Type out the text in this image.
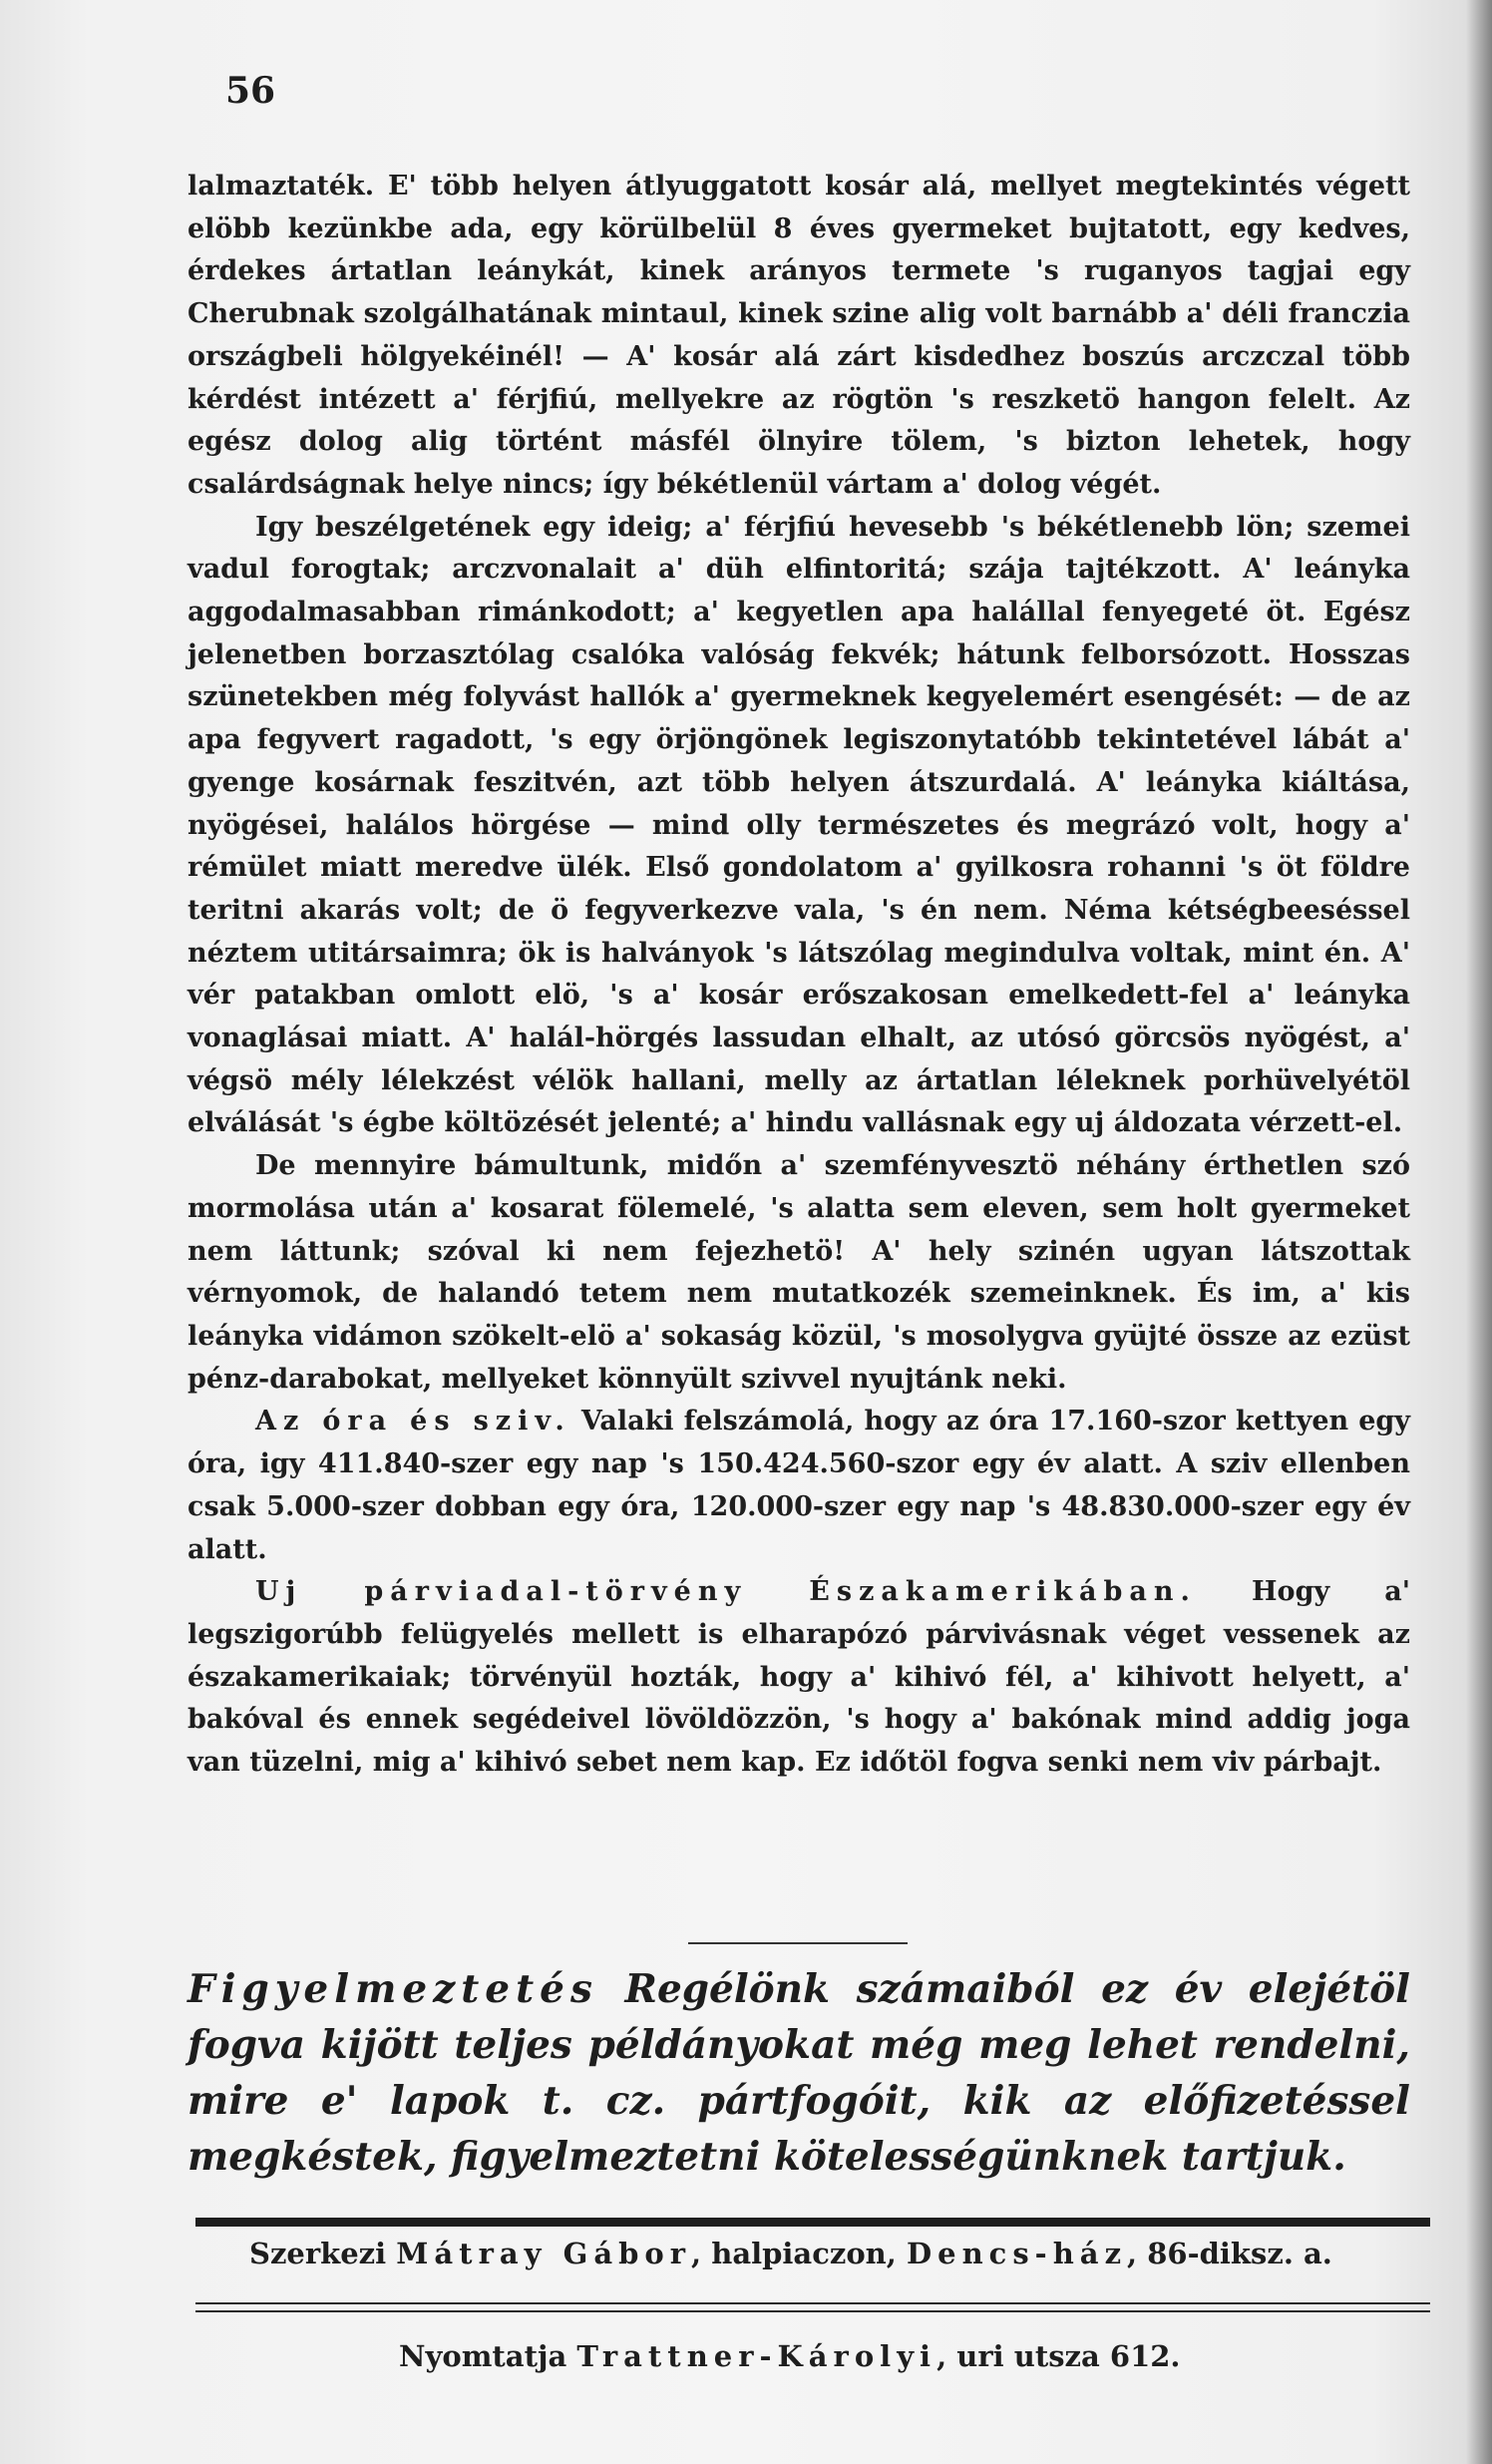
56

lalmaztaték. E' több helyen átlyuggatott kosár alá, mellyet megtekintés végett elöbb kezünkbe ada, egy körülbelül 8 éves gyermeket bujtatott, egy kedves, érdekes ártatlan leánykát, kinek arányos termete 's ruganyos tagjai egy Cherubnak szolgálhatának mintaul, kinek szine alig volt barnább a' déli franczia országbeli hölgyekéinél! — A' kosár alá zárt kisdedhez boszús arczczal több kérdést intézett a' férjfiú, mellyekre az rögtön 's reszketö hangon felelt. Az egész dolog alig történt másfél ölnyire tölem, 's bizton lehetek, hogy csalárdságnak helye nincs; így békétlenül vártam a' dolog végét.

Igy beszélgetének egy ideig; a' férjfiú hevesebb 's békétlenebb lön; szemei vadul forogtak; arczvonalait a' düh elfintoritá; szája tajtékzott. A' leányka aggodalmasabban rimánkodott; a' kegyetlen apa halállal fenyegeté öt. Egész jelenetben borzasztólag csalóka valóság fekvék; hátunk felborsózott. Hosszas szünetekben még folyvást hallók a' gyermeknek kegyelemért esengését: — de az apa fegyvert ragadott, 's egy örjöngönek legiszonytatóbb tekintetével lábát a' gyenge kosárnak feszitvén, azt több helyen átszurdalá. A' leányka kiáltása, nyögései, halálos hörgése — mind olly természetes és megrázó volt, hogy a' rémület miatt meredve ülék. Első gondolatom a' gyilkosra rohanni 's öt földre teritni akarás volt; de ö fegyverkezve vala, 's én nem. Néma kétségbeeséssel néztem utitársaimra; ök is halványok 's látszólag megindulva voltak, mint én. A' vér patakban omlott elö, 's a' kosár erőszakosan emelkedett-fel a' leányka vonaglásai miatt. A' halál-hörgés lassudan elhalt, az utósó görcsös nyögést, a' végsö mély lélekzést vélök hallani, melly az ártatlan léleknek porhüvelyétöl elválását 's égbe költözését jelenté; a' hindu vallásnak egy uj áldozata vérzett-el.

De mennyire bámultunk, midőn a' szemfényvesztö néhány érthetlen szó mormolása után a' kosarat fölemelé, 's alatta sem eleven, sem holt gyermeket nem láttunk; szóval ki nem fejezhetö! A' hely szinén ugyan látszottak vérnyomok, de halandó tetem nem mutatkozék szemeinknek. És im, a' kis leányka vidámon szökelt-elö a' sokaság közül, 's mosolygva gyüjté össze az ezüst pénz-darabokat, mellyeket könnyült szivvel nyujtánk neki.

Az óra és sziv. Valaki felszámolá, hogy az óra 17.160-szor kettyen egy óra, igy 411.840-szer egy nap 's 150.424.560-szor egy év alatt. A sziv ellenben csak 5.000-szer dobban egy óra, 120.000-szer egy nap 's 48.830.000-szer egy év alatt.

Uj párviadal-törvény Északamerikában. Hogy a' legszigorúbb felügyelés mellett is elharapózó párvivásnak véget vessenek az északamerikaiak; törvényül hozták, hogy a' kihivó fél, a' kihivott helyett, a' bakóval és ennek segédeivel lövöldözzön, 's hogy a' bakónak mind addig joga van tüzelni, mig a' kihivó sebet nem kap. Ez időtöl fogva senki nem viv párbajt.

Figyelmeztetés Regélönk számaiból ez év elejétöl fogva kijött teljes példányokat még meg lehet rendelni, mire e' lapok t. cz. pártfogóit, kik az előfizetéssel megkéstek, figyelmeztetni kötelességünknek tartjuk.
Szerkezi Mátray Gábor, halpiaczon, Dencs-ház, 86-diksz. a.
Nyomtatja Trattner-Károlyi, uri utsza 612.
